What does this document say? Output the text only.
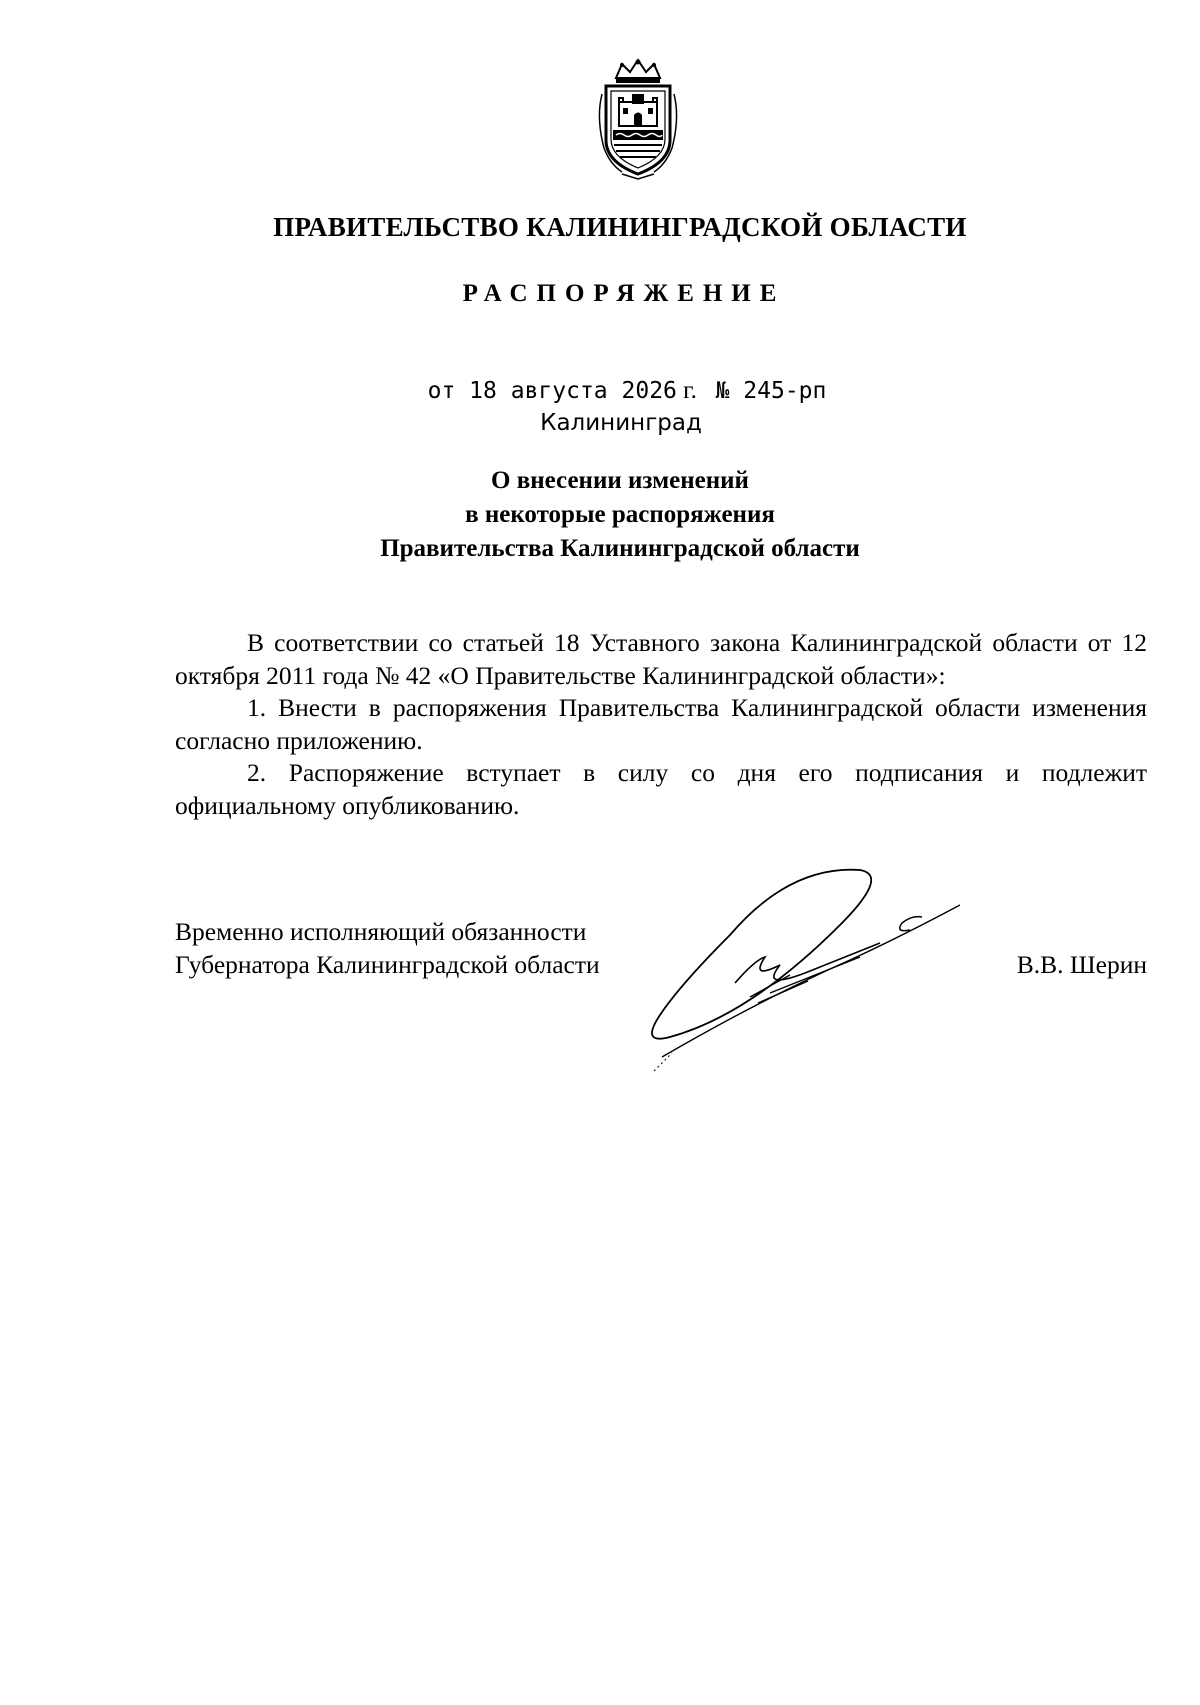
ПРАВИТЕЛЬСТВО КАЛИНИНГРАДСКОЙ ОБЛАСТИ
РАСПОРЯЖЕНИЕ
от 18 августа 2026 г. № 245-рп
Калининград
О внесении изменений
в некоторые распоряжения
Правительства Калининградской области

В соответствии со статьей 18 Уставного закона Калининградской области от 12 октября 2011 года № 42 «О Правительстве Калининградской области»:

1. Внести в распоряжения Правительства Калининградской области изменения согласно приложению.

2. Распоряжение вступает в силу со дня его подписания и подлежит официальному опубликованию.

Временно исполняющий обязанности
Губернатора Калининградской области	В.В. Шерин
